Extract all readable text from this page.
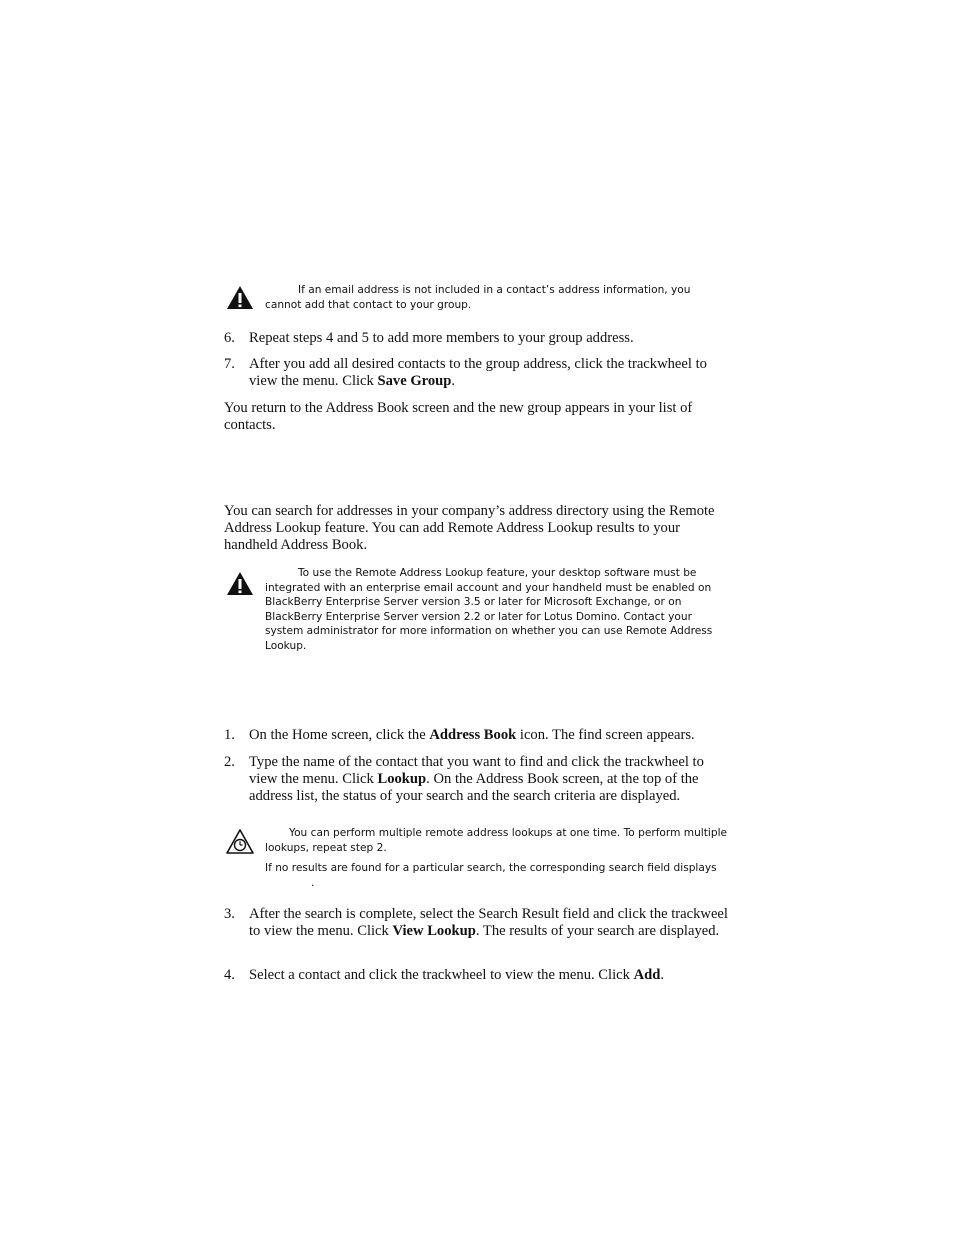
If an email address is not included in a contact’s address information, you cannot add that contact to your group.
6. Repeat steps 4 and 5 to add more members to your group address.
7. After you add all desired contacts to the group address, click the trackwheel to view the menu. Click Save Group.
You return to the Address Book screen and the new group appears in your list of contacts.
You can search for addresses in your company’s address directory using the Remote Address Lookup feature. You can add Remote Address Lookup results to your handheld Address Book.
To use the Remote Address Lookup feature, your desktop software must be integrated with an enterprise email account and your handheld must be enabled on BlackBerry Enterprise Server version 3.5 or later for Microsoft Exchange, or on BlackBerry Enterprise Server version 2.2 or later for Lotus Domino. Contact your system administrator for more information on whether you can use Remote Address Lookup.
1. On the Home screen, click the Address Book icon. The find screen appears.
2. Type the name of the contact that you want to find and click the trackwheel to view the menu. Click Lookup. On the Address Book screen, at the top of the address list, the status of your search and the search criteria are displayed.
You can perform multiple remote address lookups at one time. To perform multiple lookups, repeat step 2.
If no results are found for a particular search, the corresponding search field displays
.
3. After the search is complete, select the Search Result field and click the trackweel to view the menu. Click View Lookup. The results of your search are displayed.
4. Select a contact and click the trackwheel to view the menu. Click Add.
